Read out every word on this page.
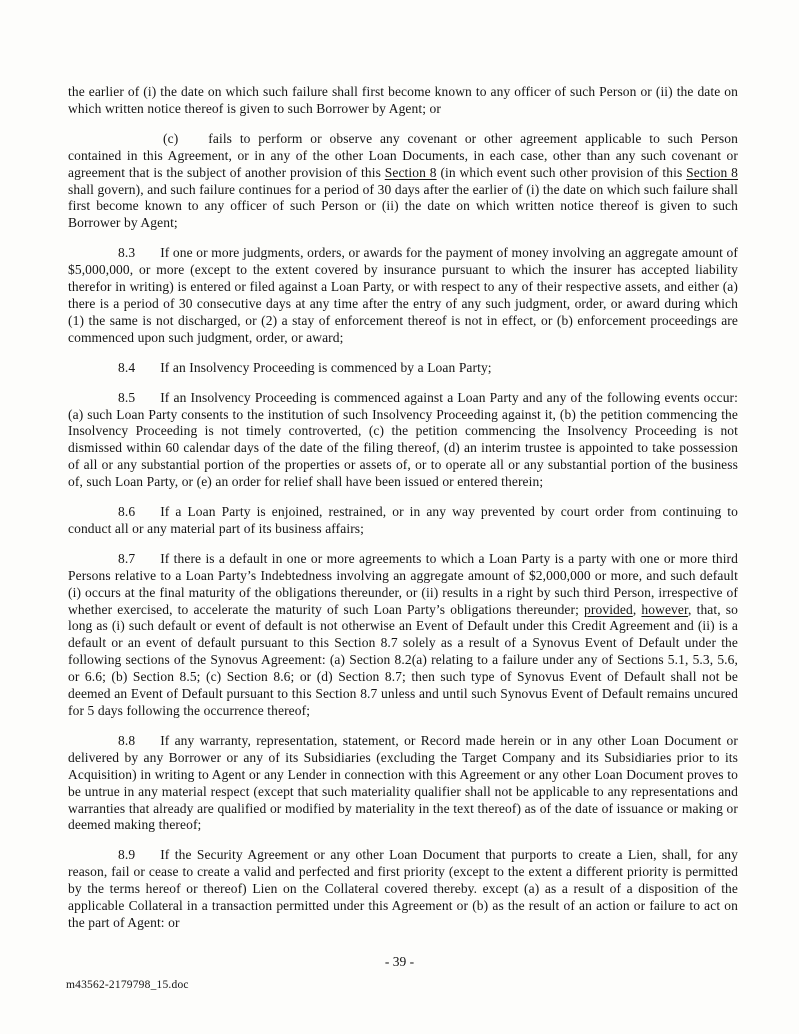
the earlier of (i) the date on which such failure shall first become known to any officer of such Person or (ii) the date on which written notice thereof is given to such Borrower by Agent; or

(c) fails to perform or observe any covenant or other agreement applicable to such Person contained in this Agreement, or in any of the other Loan Documents, in each case, other than any such covenant or agreement that is the subject of another provision of this Section 8 (in which event such other provision of this Section 8 shall govern), and such failure continues for a period of 30 days after the earlier of (i) the date on which such failure shall first become known to any officer of such Person or (ii) the date on which written notice thereof is given to such Borrower by Agent;

8.3 If one or more judgments, orders, or awards for the payment of money involving an aggregate amount of $5,000,000, or more (except to the extent covered by insurance pursuant to which the insurer has accepted liability therefor in writing) is entered or filed against a Loan Party, or with respect to any of their respective assets, and either (a) there is a period of 30 consecutive days at any time after the entry of any such judgment, order, or award during which (1) the same is not discharged, or (2) a stay of enforcement thereof is not in effect, or (b) enforcement proceedings are commenced upon such judgment, order, or award;

8.4 If an Insolvency Proceeding is commenced by a Loan Party;

8.5 If an Insolvency Proceeding is commenced against a Loan Party and any of the following events occur: (a) such Loan Party consents to the institution of such Insolvency Proceeding against it, (b) the petition commencing the Insolvency Proceeding is not timely controverted, (c) the petition commencing the Insolvency Proceeding is not dismissed within 60 calendar days of the date of the filing thereof, (d) an interim trustee is appointed to take possession of all or any substantial portion of the properties or assets of, or to operate all or any substantial portion of the business of, such Loan Party, or (e) an order for relief shall have been issued or entered therein;

8.6 If a Loan Party is enjoined, restrained, or in any way prevented by court order from continuing to conduct all or any material part of its business affairs;

8.7 If there is a default in one or more agreements to which a Loan Party is a party with one or more third Persons relative to a Loan Party’s Indebtedness involving an aggregate amount of $2,000,000 or more, and such default (i) occurs at the final maturity of the obligations thereunder, or (ii) results in a right by such third Person, irrespective of whether exercised, to accelerate the maturity of such Loan Party’s obligations thereunder; provided, however, that, so long as (i) such default or event of default is not otherwise an Event of Default under this Credit Agreement and (ii) is a default or an event of default pursuant to this Section 8.7 solely as a result of a Synovus Event of Default under the following sections of the Synovus Agreement: (a) Section 8.2(a) relating to a failure under any of Sections 5.1, 5.3, 5.6, or 6.6; (b) Section 8.5; (c) Section 8.6; or (d) Section 8.7; then such type of Synovus Event of Default shall not be deemed an Event of Default pursuant to this Section 8.7 unless and until such Synovus Event of Default remains uncured for 5 days following the occurrence thereof;

8.8 If any warranty, representation, statement, or Record made herein or in any other Loan Document or delivered by any Borrower or any of its Subsidiaries (excluding the Target Company and its Subsidiaries prior to its Acquisition) in writing to Agent or any Lender in connection with this Agreement or any other Loan Document proves to be untrue in any material respect (except that such materiality qualifier shall not be applicable to any representations and warranties that already are qualified or modified by materiality in the text thereof) as of the date of issuance or making or deemed making thereof;

8.9 If the Security Agreement or any other Loan Document that purports to create a Lien, shall, for any reason, fail or cease to create a valid and perfected and first priority (except to the extent a different priority is permitted by the terms hereof or thereof) Lien on the Collateral covered thereby. except (a) as a result of a disposition of the applicable Collateral in a transaction permitted under this Agreement or (b) as the result of an action or failure to act on the part of Agent: or

- 39 -
m43562-2179798_15.doc
